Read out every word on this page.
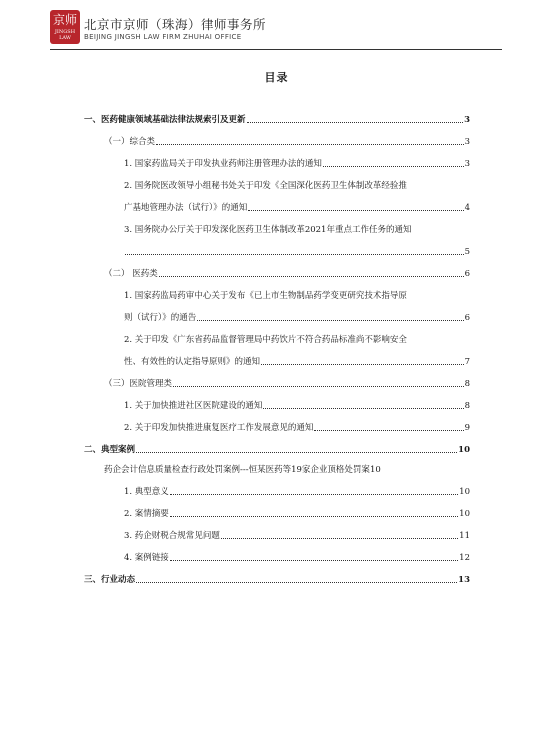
京师
JINGSH LAW
北京市京师（珠海）律师事务所
BEIJING JINGSH LAW FIRM ZHUHAI OFFICE
目录
一、医药健康领域基础法律法规索引及更新	3
（一）综合类	3
1. 国家药监局关于印发执业药师注册管理办法的通知	3
2. 国务院医改领导小组秘书处关于印发《全国深化医药卫生体制改革经验推
广基地管理办法（试行）》的通知	4
3. 国务院办公厅关于印发深化医药卫生体制改革2021年重点工作任务的通知
5
（二） 医药类	6
1. 国家药监局药审中心关于发布《已上市生物制品药学变更研究技术指导原
则（试行）》的通告	6
2. 关于印发《广东省药品监督管理局中药饮片不符合药品标准尚不影响安全
性、有效性的认定指导原则》的通知	7
（三）医院管理类	8
1. 关于加快推进社区医院建设的通知	8
2. 关于印发加快推进康复医疗工作发展意见的通知	9
二、典型案例	10
药企会计信息质量检查行政处罚案例---恒某医药等19家企业顶格处罚案 10
1. 典型意义	10
2. 案情摘要	10
3. 药企财税合规常见问题	11
4. 案例链接	12
三、行业动态	13
